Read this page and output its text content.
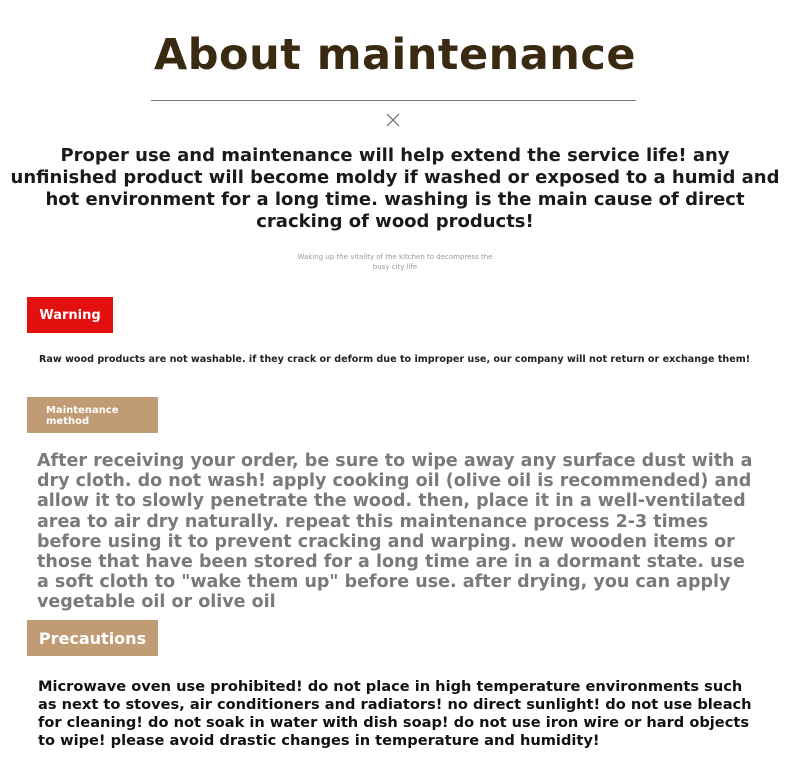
About maintenance
Proper use and maintenance will help extend the service life! any unfinished product will become moldy if washed or exposed to a humid and hot environment for a long time. washing is the main cause of direct cracking of wood products!
Waking up the vitality of the kitchen to decompress the busy city life
Warning
Raw wood products are not washable. if they crack or deform due to improper use, our company will not return or exchange them!
Maintenance method
After receiving your order, be sure to wipe away any surface dust with a dry cloth. do not wash! apply cooking oil (olive oil is recommended) and allow it to slowly penetrate the wood. then, place it in a well-ventilated area to air dry naturally. repeat this maintenance process 2-3 times before using it to prevent cracking and warping. new wooden items or those that have been stored for a long time are in a dormant state. use a soft cloth to "wake them up" before use. after drying, you can apply vegetable oil or olive oil
Precautions
Microwave oven use prohibited! do not place in high temperature environments such as next to stoves, air conditioners and radiators! no direct sunlight! do not use bleach for cleaning! do not soak in water with dish soap! do not use iron wire or hard objects to wipe! please avoid drastic changes in temperature and humidity!
